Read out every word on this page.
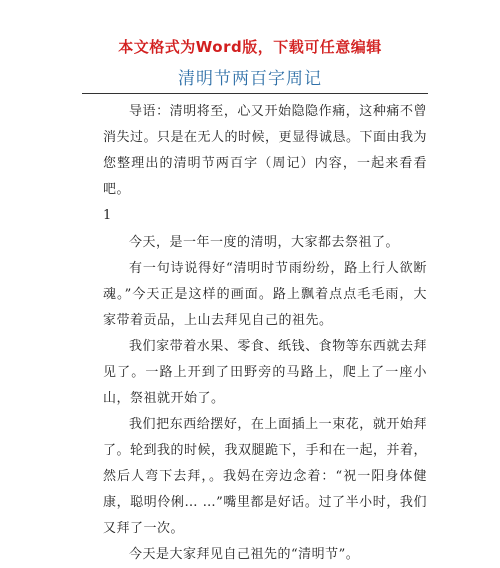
本文格式为Word版，下载可任意编辑
清明节两百字周记

导语：清明将至，心又开始隐隐作痛，这种痛不曾消失过。只是在无人的时候，更显得诚恳。下面由我为您整理出的清明节两百字（周记）内容，一起来看看吧。

1

今天，是一年一度的清明，大家都去祭祖了。

有一句诗说得好“清明时节雨纷纷，路上行人欲断魂。”今天正是这样的画面。路上飘着点点毛毛雨，大家带着贡品，上山去拜见自己的祖先。

我们家带着水果、零食、纸钱、食物等东西就去拜见了。一路上开到了田野旁的马路上，爬上了一座小山，祭祖就开始了。

我们把东西给摆好，在上面插上一束花，就开始拜了。轮到我的时候，我双腿跪下，手和在一起，并着，然后人弯下去拜，。我妈在旁边念着：“祝一阳身体健康，聪明伶俐… …”嘴里都是好话。过了半小时，我们又拜了一次。

今天是大家拜见自己祖先的“清明节”。
